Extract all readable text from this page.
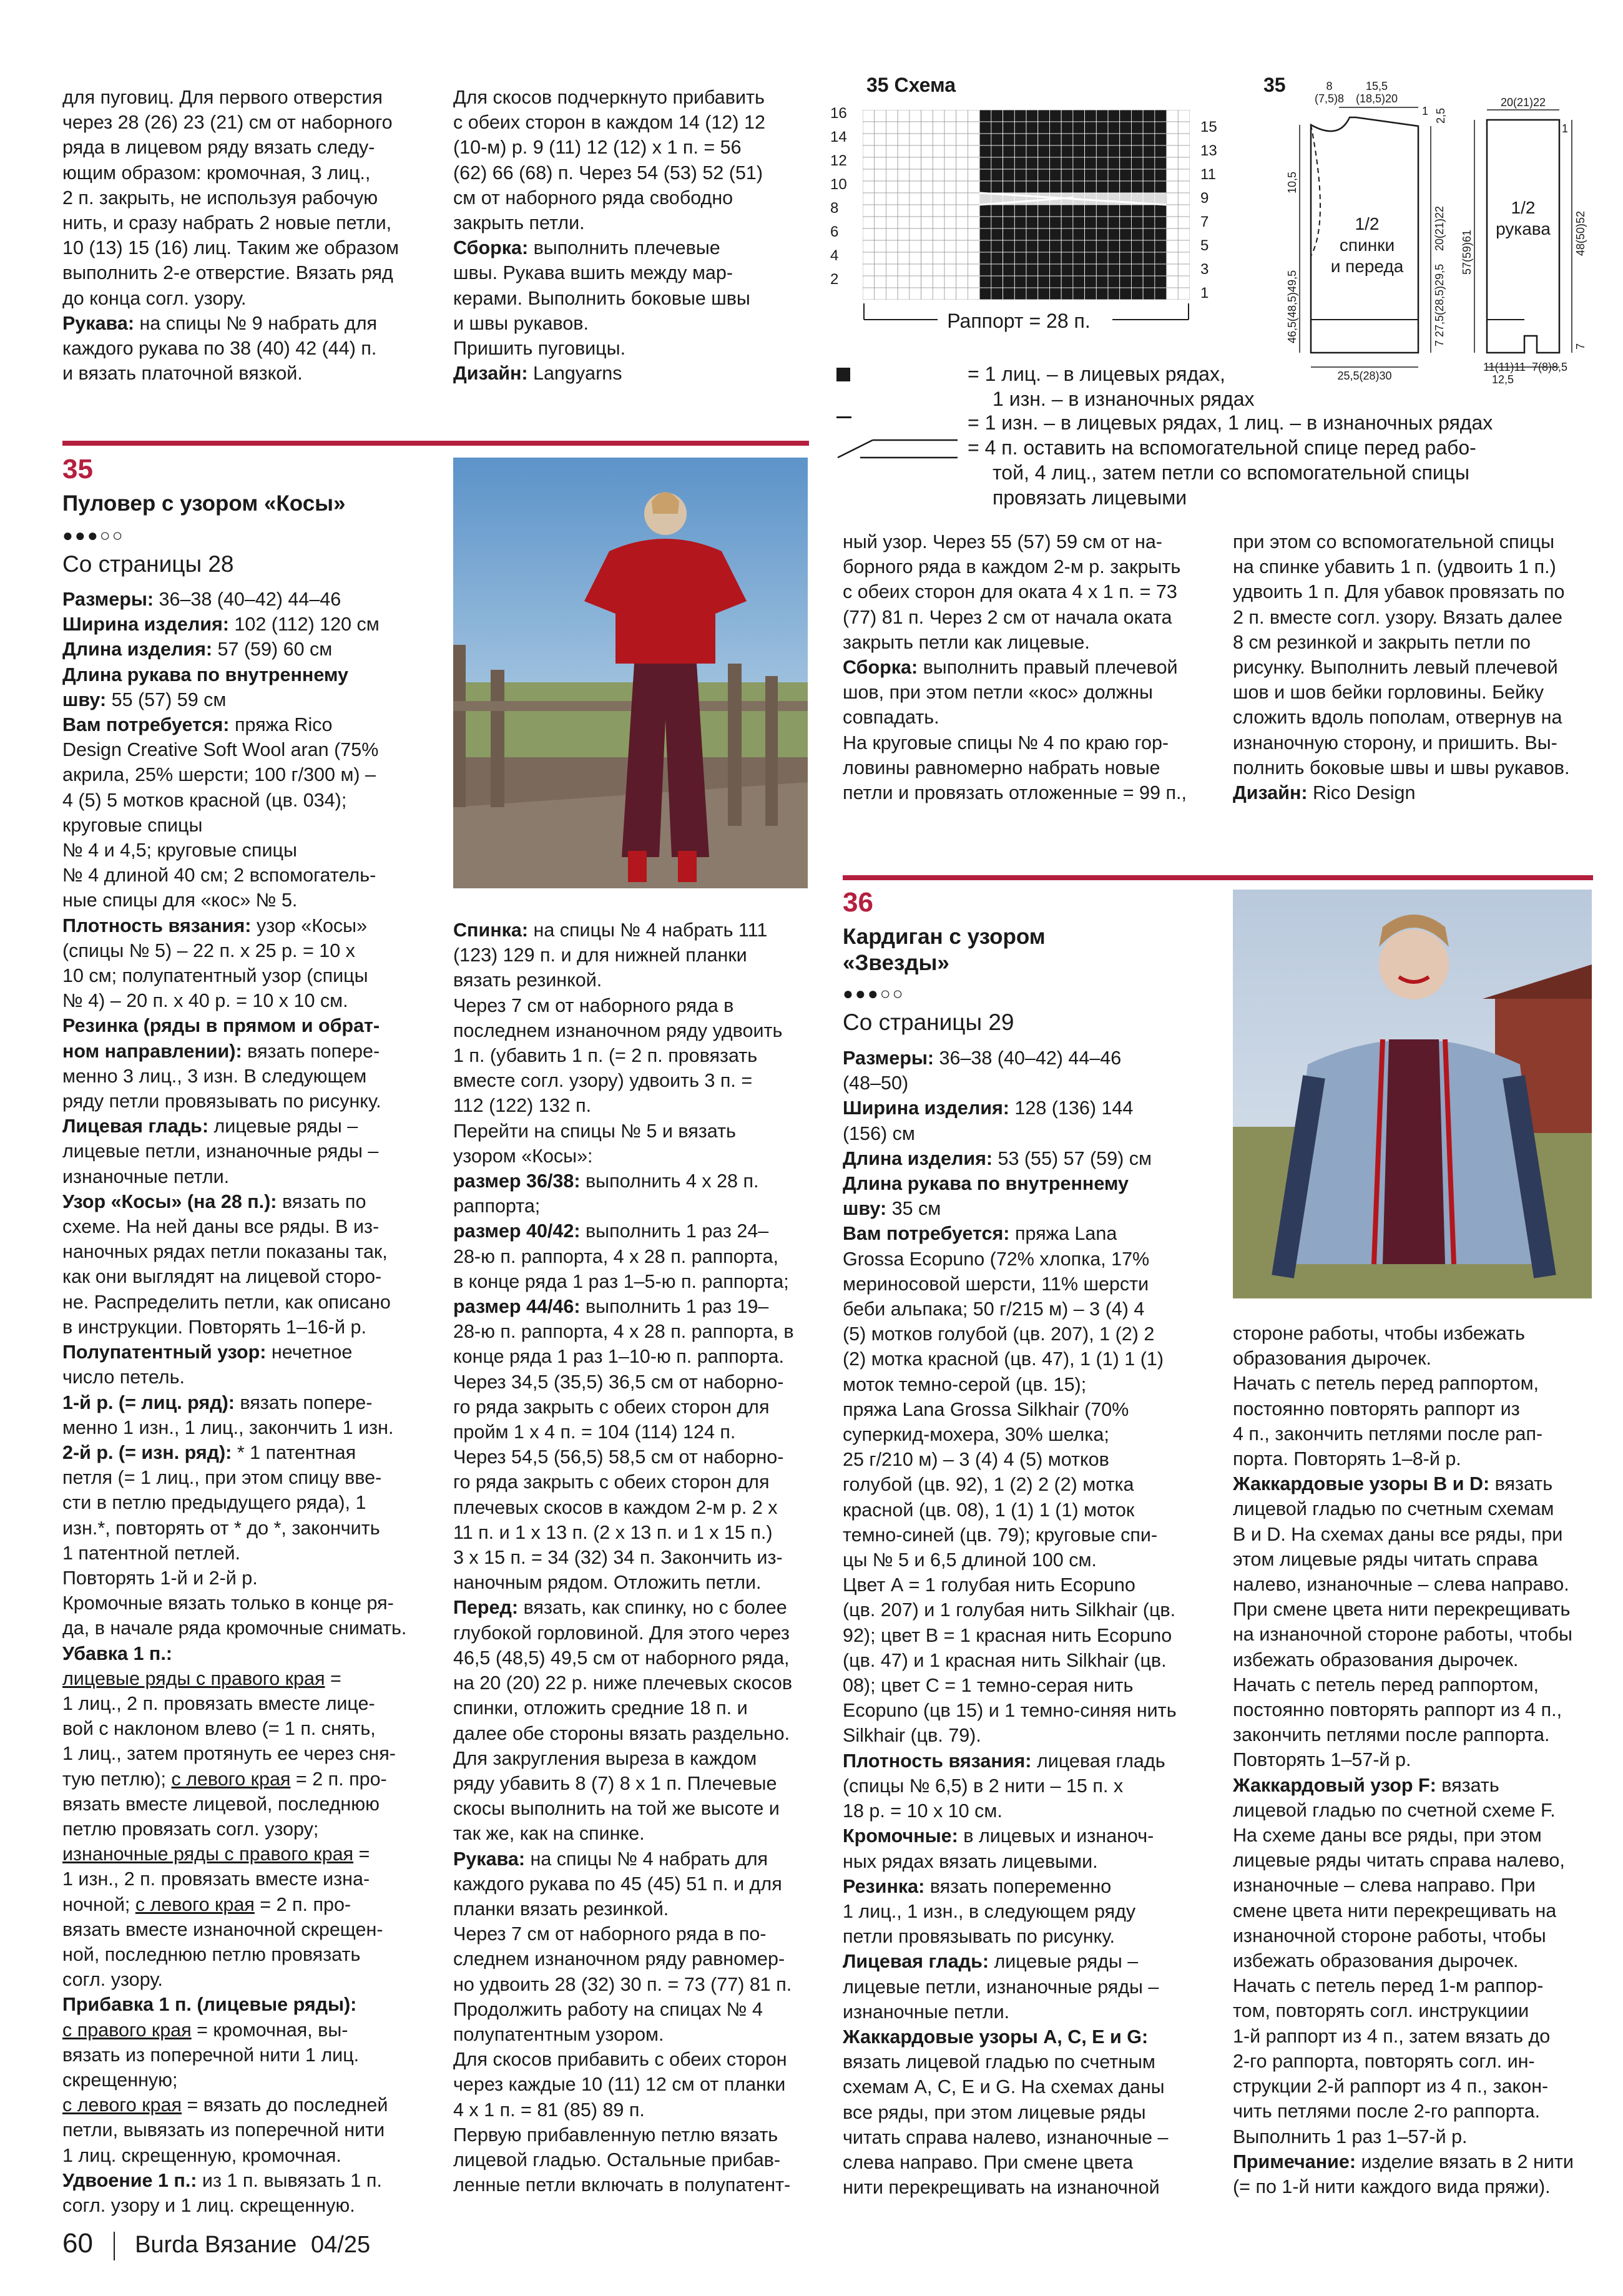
для пуговиц. Для первого отверстия

через 28 (26) 23 (21) см от наборного

ряда в лицевом ряду вязать следу-

ющим образом: кромочная, 3 лиц.,

2 п. закрыть, не используя рабочую

нить, и сразу набрать 2 новые петли,

10 (13) 15 (16) лиц. Таким же образом

выполнить 2-е отверстие. Вязать ряд

до конца согл. узору.

Рукава: на спицы № 9 набрать для

каждого рукава по 38 (40) 42 (44) п.

и вязать платочной вязкой.

Для скосов подчеркнуто прибавить

с обеих сторон в каждом 14 (12) 12

(10-м) р. 9 (11) 12 (12) х 1 п. = 56

(62) 66 (68) п. Через 54 (53) 52 (51)

см от наборного ряда свободно

закрыть петли.

Сборка: выполнить плечевые

швы. Рукава вшить между мар-

керами. Выполнить боковые швы

и швы рукавов.

Пришить пуговицы.

Дизайн: Langyarns

35 Схема
16
14
12
10
8
6
4
2
15
13
11
9
7
5
3
1
Раппорт = 28 п.
35	8
(7,5)8
15,5
(18,5)20
1 2,5
20(21)22
27,5(28,5)29,5
7
10,5
46,5(48,5)49,5
1/2
спинки
и переда
25,5(28)30
20(21)22
1
57(59)61	48(50)52
7
1/2
рукава
11(11)11 7(8)8,5
12,5
= 1 лиц. – в лицевых рядах,
1 изн. – в изнаночных рядах
= 1 изн. – в лицевых рядах, 1 лиц. – в изнаночных рядах
= 4 п. оставить на вспомогательной спице перед рабо-
той, 4 лиц., затем петли со вспомогательной спицы
провязать лицевыми
35
Пуловер с узором «Косы»
●●●○○
Со страницы 28

Размеры: 36–38 (40–42) 44–46

Ширина изделия: 102 (112) 120 см

Длина изделия: 57 (59) 60 см

Длина рукава по внутреннему

шву: 55 (57) 59 см

Вам потребуется: пряжа Rico

Design Creative Soft Wool aran (75%

акрила, 25% шерсти; 100 г/300 м) –

4 (5) 5 мотков красной (цв. 034);

круговые спицы

№ 4 и 4,5; круговые спицы

№ 4 длиной 40 см; 2 вспомогатель-

ные спицы для «кос» № 5.

Плотность вязания: узор «Косы»

(спицы № 5) – 22 п. х 25 р. = 10 х

10 см; полупатентный узор (спицы

№ 4) – 20 п. х 40 р. = 10 х 10 см.

Резинка (ряды в прямом и обрат-

ном направлении): вязать попере-

менно 3 лиц., 3 изн. В следующем

ряду петли провязывать по рисунку.

Лицевая гладь: лицевые ряды –

лицевые петли, изнаночные ряды –

изнаночные петли.

Узор «Косы» (на 28 п.): вязать по

схеме. На ней даны все ряды. В из-

наночных рядах петли показаны так,

как они выглядят на лицевой сторо-

не. Распределить петли, как описано

в инструкции. Повторять 1–16-й р.

Полупатентный узор: нечетное

число петель.

1-й р. (= лиц. ряд): вязать попере-

менно 1 изн., 1 лиц., закончить 1 изн.

2-й р. (= изн. ряд): * 1 патентная

петля (= 1 лиц., при этом спицу вве-

сти в петлю предыдущего ряда), 1

изн.*, повторять от * до *, закончить

1 патентной петлей.

Повторять 1-й и 2-й р.

Кромочные вязать только в конце ря-

да, в начале ряда кромочные снимать.

Убавка 1 п.:

лицевые ряды с правого края =

1 лиц., 2 п. провязать вместе лице-

вой с наклоном влево (= 1 п. снять,

1 лиц., затем протянуть ее через сня-

тую петлю); с левого края = 2 п. про-

вязать вместе лицевой, последнюю

петлю провязать согл. узору;

изнаночные ряды с правого края =

1 изн., 2 п. провязать вместе изна-

ночной; с левого края = 2 п. про-

вязать вместе изнаночной скрещен-

ной, последнюю петлю провязать

согл. узору.

Прибавка 1 п. (лицевые ряды):

с правого края = кромочная, вы-

вязать из поперечной нити 1 лиц.

скрещенную;

с левого края = вязать до последней

петли, вывязать из поперечной нити

1 лиц. скрещенную, кромочная.

Удвоение 1 п.: из 1 п. вывязать 1 п.

согл. узору и 1 лиц. скрещенную.

Спинка: на спицы № 4 набрать 111

(123) 129 п. и для нижней планки

вязать резинкой.

Через 7 см от наборного ряда в

последнем изнаночном ряду удвоить

1 п. (убавить 1 п. (= 2 п. провязать

вместе согл. узору) удвоить 3 п. =

112 (122) 132 п.

Перейти на спицы № 5 и вязать

узором «Косы»:

размер 36/38: выполнить 4 х 28 п.

раппорта;

размер 40/42: выполнить 1 раз 24–

28-ю п. раппорта, 4 х 28 п. раппорта,

в конце ряда 1 раз 1–5-ю п. раппорта;

размер 44/46: выполнить 1 раз 19–

28-ю п. раппорта, 4 х 28 п. раппорта, в

конце ряда 1 раз 1–10-ю п. раппорта.

Через 34,5 (35,5) 36,5 см от наборно-

го ряда закрыть с обеих сторон для

пройм 1 х 4 п. = 104 (114) 124 п.

Через 54,5 (56,5) 58,5 см от наборно-

го ряда закрыть с обеих сторон для

плечевых скосов в каждом 2-м р. 2 х

11 п. и 1 х 13 п. (2 х 13 п. и 1 х 15 п.)

3 х 15 п. = 34 (32) 34 п. Закончить из-

наночным рядом. Отложить петли.

Перед: вязать, как спинку, но с более

глубокой горловиной. Для этого через

46,5 (48,5) 49,5 см от наборного ряда,

на 20 (20) 22 р. ниже плечевых скосов

спинки, отложить средние 18 п. и

далее обе стороны вязать раздельно.

Для закругления выреза в каждом

ряду убавить 8 (7) 8 х 1 п. Плечевые

скосы выполнить на той же высоте и

так же, как на спинке.

Рукава: на спицы № 4 набрать для

каждого рукава по 45 (45) 51 п. и для

планки вязать резинкой.

Через 7 см от наборного ряда в по-

следнем изнаночном ряду равномер-

но удвоить 28 (32) 30 п. = 73 (77) 81 п.

Продолжить работу на спицах № 4

полупатентным узором.

Для скосов прибавить с обеих сторон

через каждые 10 (11) 12 см от планки

4 х 1 п. = 81 (85) 89 п.

Первую прибавленную петлю вязать

лицевой гладью. Остальные прибав-

ленные петли включать в полупатент-

ный узор. Через 55 (57) 59 см от на-

борного ряда в каждом 2-м р. закрыть

с обеих сторон для оката 4 х 1 п. = 73

(77) 81 п. Через 2 см от начала оката

закрыть петли как лицевые.

Сборка: выполнить правый плечевой

шов, при этом петли «кос» должны

совпадать.

На круговые спицы № 4 по краю гор-

ловины равномерно набрать новые

петли и провязать отложенные = 99 п.,

при этом со вспомогательной спицы

на спинке убавить 1 п. (удвоить 1 п.)

удвоить 1 п. Для убавок провязать по

2 п. вместе согл. узору. Вязать далее

8 см резинкой и закрыть петли по

рисунку. Выполнить левый плечевой

шов и шов бейки горловины. Бейку

сложить вдоль пополам, отвернув на

изнаночную сторону, и пришить. Вы-

полнить боковые швы и швы рукавов.

Дизайн: Rico Design

36
Кардиган с узором
«Звезды»
●●●○○
Со страницы 29

Размеры: 36–38 (40–42) 44–46

(48–50)

Ширина изделия: 128 (136) 144

(156) см

Длина изделия: 53 (55) 57 (59) см

Длина рукава по внутреннему

шву: 35 см

Вам потребуется: пряжа Lana

Grossa Ecopuno (72% хлопка, 17%

мериносовой шерсти, 11% шерсти

беби альпака; 50 г/215 м) – 3 (4) 4

(5) мотков голубой (цв. 207), 1 (2) 2

(2) мотка красной (цв. 47), 1 (1) 1 (1)

моток темно-серой (цв. 15);

пряжа Lana Grossa Silkhair (70%

суперкид-мохера, 30% шелка;

25 г/210 м) – 3 (4) 4 (5) мотков

голубой (цв. 92), 1 (2) 2 (2) мотка

красной (цв. 08), 1 (1) 1 (1) моток

темно-синей (цв. 79); круговые спи-

цы № 5 и 6,5 длиной 100 см.

Цвет А = 1 голубая нить Ecopuno

(цв. 207) и 1 голубая нить Silkhair (цв.

92); цвет В = 1 красная нить Ecopuno

(цв. 47) и 1 красная нить Silkhair (цв.

08); цвет С = 1 темно-серая нить

Ecopuno (цв 15) и 1 темно-синяя нить

Silkhair (цв. 79).

Плотность вязания: лицевая гладь

(спицы № 6,5) в 2 нити – 15 п. х

18 р. = 10 х 10 см.

Кромочные: в лицевых и изнаноч-

ных рядах вязать лицевыми.

Резинка: вязать попеременно

1 лиц., 1 изн., в следующем ряду

петли провязывать по рисунку.

Лицевая гладь: лицевые ряды –

лицевые петли, изнаночные ряды –

изнаночные петли.

Жаккардовые узоры А, С, Е и G:

вязать лицевой гладью по счетным

схемам А, С, Е и G. На схемах даны

все ряды, при этом лицевые ряды

читать справа налево, изнаночные –

слева направо. При смене цвета

нити перекрещивать на изнаночной

стороне работы, чтобы избежать

образования дырочек.

Начать с петель перед раппортом,

постоянно повторять раппорт из

4 п., закончить петлями после рап-

порта. Повторять 1–8-й р.

Жаккардовые узоры В и D: вязать

лицевой гладью по счетным схемам

В и D. На схемах даны все ряды, при

этом лицевые ряды читать справа

налево, изнаночные – слева направо.

При смене цвета нити перекрещивать

на изнаночной стороне работы, чтобы

избежать образования дырочек.

Начать с петель перед раппортом,

постоянно повторять раппорт из 4 п.,

закончить петлями после раппорта.

Повторять 1–57-й р.

Жаккардовый узор F: вязать

лицевой гладью по счетной схеме F.

На схеме даны все ряды, при этом

лицевые ряды читать справа налево,

изнаночные – слева направо. При

смене цвета нити перекрещивать на

изнаночной стороне работы, чтобы

избежать образования дырочек.

Начать с петель перед 1-м раппор-

том, повторять согл. инструкциии

1-й раппорт из 4 п., затем вязать до

2-го раппорта, повторять согл. ин-

струкции 2-й раппорт из 4 п., закон-

чить петлями после 2-го раппорта.

Выполнить 1 раз 1–57-й р.

Примечание: изделие вязать в 2 нити

(= по 1-й нити каждого вида пряжи).

60 Burda Вязание 04/25
